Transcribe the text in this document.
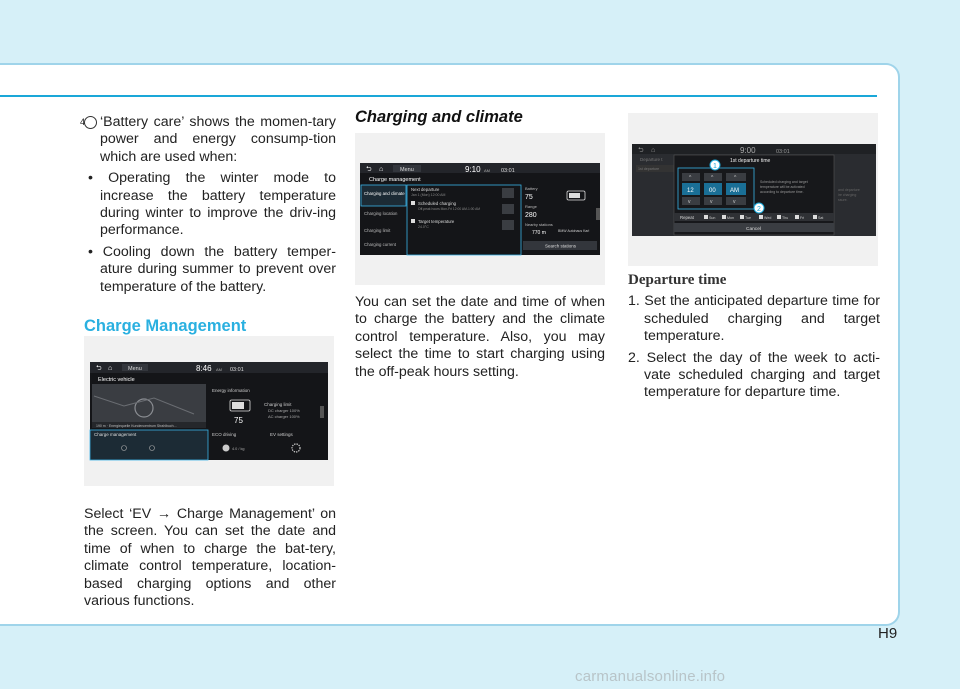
4 ‘Battery care’ shows the momen-tary power and energy consump-tion which are used when:

• Operating the winter mode to increase the battery temperature during winter to improve the driv-ing performance.

• Cooling down the battery temper-ature during summer to prevent over temperature of the battery.

Charge Management

⮌ ⌂	Menu	8:46 AM 03:01
Electric vehicle
190 m · Energiequelle Kundencentrum Strahlbuch...
Energy information
75
Charging limit
DC charger 100%
AC charger 100%
Charge management	ECO driving
4.0 / kg
EV settings

Select ‘EV → Charge Management’ on the screen. You can set the date and time of when to charge the bat-tery, climate control temperature, location-based charging options and other various functions.

Charging and climate

⮌ ⌂	Menu	9:10 AM 03:01
Charge management
Charging and climate
Charging location
Charging limit
Charging current
Next departure
Jan 1 (Mon) 12:00 AM
Scheduled charging
Off-peak hours Mon-Fri 12:00 AM-1:00 AM
Target temperature
24.0°C
Battery
75
Range
280
Nearby stations
770 m	BMW Autohaus Karl
Search stations

You can set the date and time of when to charge the battery and the climate control temperature. Also, you may select the time to start charging using the off-peak hours setting.

⮌ ⌂	9:00	03:01
Departure t
1st departure
1st departure time
^	^	^
12	00 AM
v	v	v
Scheduled charging and target temperature will be activated according to departure time.
Repeat	Sun	Mon	Tue	Wed	Thu	Fri	Sat
Cancel
1
2
and departure ire charging ssure.

Departure time

1. Set the anticipated departure time for scheduled charging and target temperature.

2. Select the day of the week to acti-vate scheduled charging and target temperature for departure time.

H9
carmanualsonline.info
